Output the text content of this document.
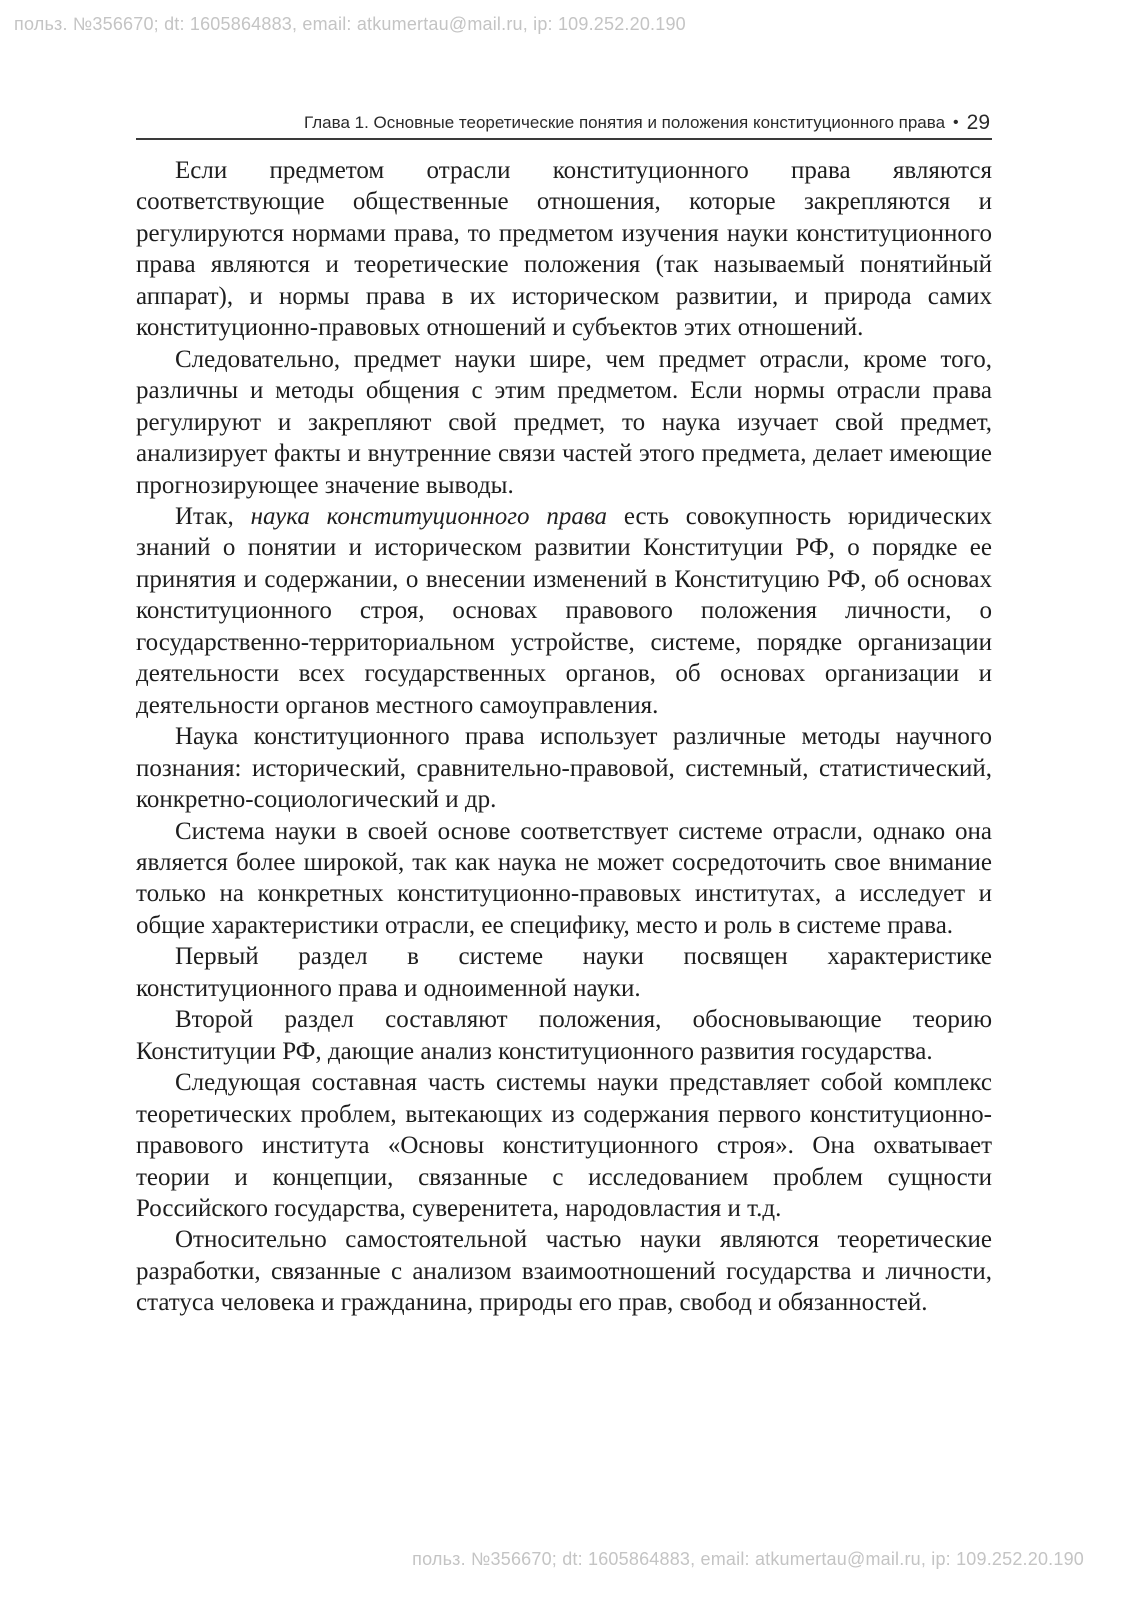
польз. №356670; dt: 1605864883, email: atkumertau@mail.ru, ip: 109.252.20.190
Глава 1. Основные теоретические понятия и положения конституционного права • 29

Если предметом отрасли конституционного права являются соответствующие общественные отношения, которые закрепляются и регулируются нормами права, то предметом изучения науки конституционного права являются и теоретические положения (так называемый понятийный аппарат), и нормы права в их историческом развитии, и природа самих конституционно-правовых отношений и субъектов этих отношений.

Следовательно, предмет науки шире, чем предмет отрасли, кроме того, различны и методы общения с этим предметом. Если нормы отрасли права регулируют и закрепляют свой предмет, то наука изучает свой предмет, анализирует факты и внутренние связи частей этого предмета, делает имеющие прогнозирующее значение выводы.

Итак, наука конституционного права есть совокупность юридических знаний о понятии и историческом развитии Конституции РФ, о порядке ее принятия и содержании, о внесении изменений в Конституцию РФ, об основах конституционного строя, основах правового положения личности, о государственно-территориальном устройстве, системе, порядке организации деятельности всех государственных органов, об основах организации и деятельности органов местного самоуправления.

Наука конституционного права использует различные методы научного познания: исторический, сравнительно-правовой, системный, статистический, конкретно-социологический и др.

Система науки в своей основе соответствует системе отрасли, однако она является более широкой, так как наука не может сосредоточить свое внимание только на конкретных конституционно-правовых институтах, а исследует и общие характеристики отрасли, ее специфику, место и роль в системе права.

Первый раздел в системе науки посвящен характеристике конституционного права и одноименной науки.

Второй раздел составляют положения, обосновывающие теорию Конституции РФ, дающие анализ конституционного развития государства.

Следующая составная часть системы науки представляет собой комплекс теоретических проблем, вытекающих из содержания первого конституционно-правового института «Основы конституционного строя». Она охватывает теории и концепции, связанные с исследованием проблем сущности Российского государства, суверенитета, народовластия и т.д.

Относительно самостоятельной частью науки являются теоретические разработки, связанные с анализом взаимоотношений государства и личности, статуса человека и гражданина, природы его прав, свобод и обязанностей.

польз. №356670; dt: 1605864883, email: atkumertau@mail.ru, ip: 109.252.20.190
